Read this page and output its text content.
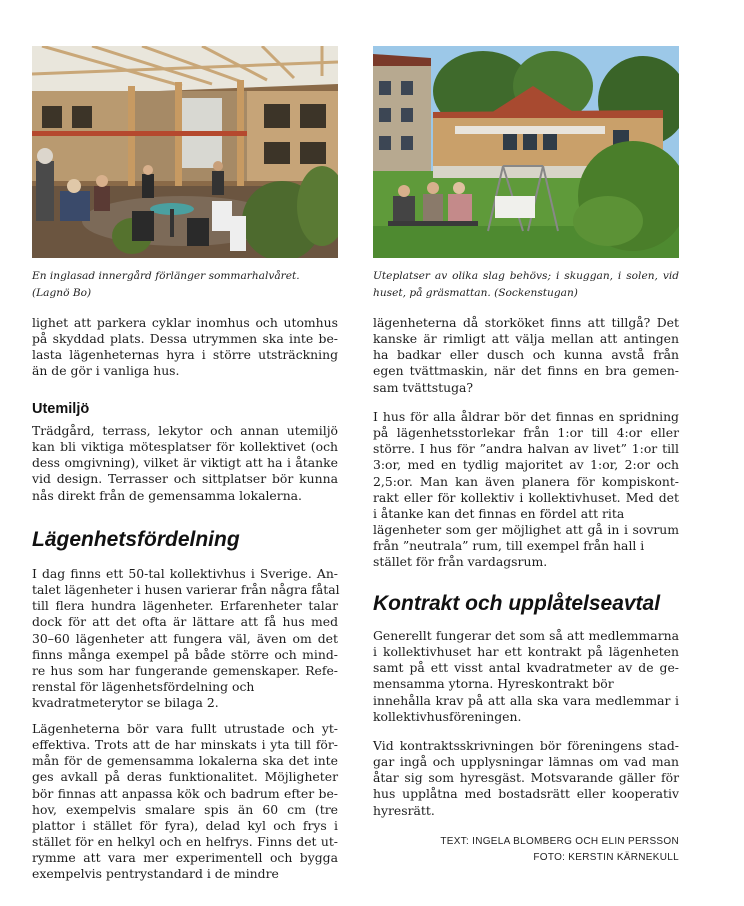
En inglasad innergård förlänger sommarhalvåret.
(Lagnö Bo)

lighet att parkera cyklar inomhus och utomhus
på skyddad plats. Dessa utrymmen ska inte be-
lasta lägenheternas hyra i större utsträckning
än de gör i vanliga hus.

Utemiljö

Trädgård, terrass, lekytor och annan utemiljö
kan bli viktiga mötesplatser för kollektivet (och
dess omgivning), vilket är viktigt att ha i åtanke
vid design. Terrasser och sittplatser bör kunna
nås direkt från de gemensamma lokalerna.

Lägenhetsfördelning

I dag finns ett 50-tal kollektivhus i Sverige. An-
talet lägenheter i husen varierar från några fåtal
till flera hundra lägenheter. Erfarenheter talar
dock för att det ofta är lättare att få hus med
30–60 lägenheter att fungera väl, även om det
finns många exempel på både större och mind-
re hus som har fungerande gemenskaper. Refe-
renstal för lägenhetsfördelning och
kvadratmeterytor se bilaga 2.

Lägenheterna bör vara fullt utrustade och yt-
effektiva. Trots att de har minskats i yta till för-
mån för de gemensamma lokalerna ska det inte
ges avkall på deras funktionalitet. Möjligheter
bör finnas att anpassa kök och badrum efter be-
hov, exempelvis smalare spis än 60 cm (tre
plattor i stället för fyra), delad kyl och frys i
stället för en helkyl och en helfrys. Finns det ut-
rymme att vara mer experimentell och bygga
exempelvis pentrystandard i de mindre

Uteplatser av olika slag behövs; i skuggan, i solen, vid
huset, på gräsmattan. (Sockenstugan)

lägenheterna då storköket finns att tillgå? Det
kanske är rimligt att välja mellan att antingen
ha badkar eller dusch och kunna avstå från
egen tvättmaskin, när det finns en bra gemen-
sam tvättstuga?

I hus för alla åldrar bör det finnas en spridning
på lägenhetsstorlekar från 1:or till 4:or eller
större. I hus för ”andra halvan av livet” 1:or till
3:or, med en tydlig majoritet av 1:or, 2:or och
2,5:or. Man kan även planera för kompiskont-
rakt eller för kollektiv i kollektivhuset. Med det
i åtanke kan det finnas en fördel att rita
lägenheter som ger möjlighet att gå in i sovrum
från ”neutrala” rum, till exempel från hall i
stället för från vardagsrum.

Kontrakt och upplåtelseavtal

Generellt fungerar det som så att medlemmarna
i kollektivhuset har ett kontrakt på lägenheten
samt på ett visst antal kvadratmeter av de ge-
mensamma ytorna. Hyreskontrakt bör
innehålla krav på att alla ska vara medlemmar i
kollektivhusföreningen.

Vid kontraktsskrivningen bör föreningens stad-
gar ingå och upplysningar lämnas om vad man
åtar sig som hyresgäst. Motsvarande gäller för
hus upplåtna med bostadsrätt eller kooperativ
hyresrätt.

TEXT: INGELA BLOMBERG OCH ELIN PERSSON
FOTO: KERSTIN KÄRNEKULL
